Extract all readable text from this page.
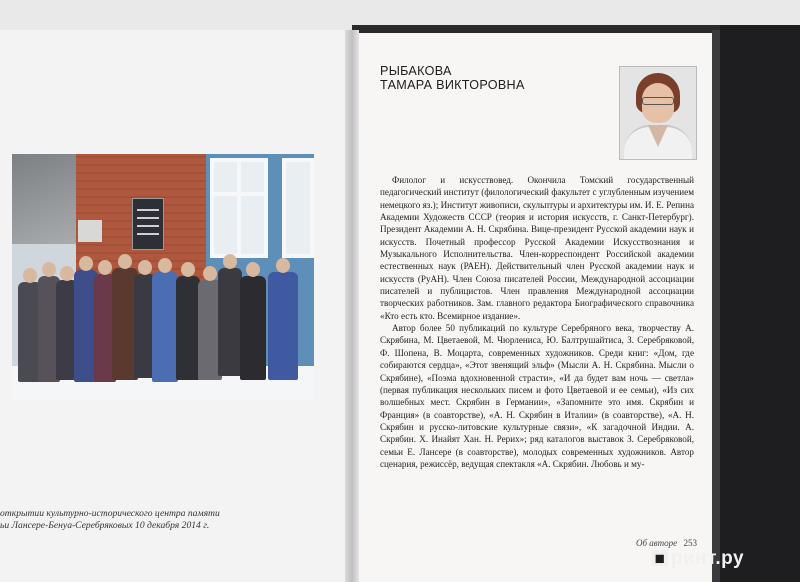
открытии культурно-исторического центра памяти
ьи Лансере-Бенуа-Серебряковых 10 декабря 2014 г.
РЫБАКОВА
ТАМАРА ВИКТОРОВНА

Филолог и искусствовед. Окончила Томский государственный педагогический институт (филологический факультет с углубленным изучением немецкого яз.); Институт живописи, скульптуры и архитектуры им. И. Е. Репина Академии Художеств СССР (теория и история искусств, г. Санкт-Петербург). Президент Академии А. Н. Скрябина. Вице-президент Русской академии наук и искусств. Почетный профессор Русской Академии Искусствознания и Музыкального Исполнительства. Член-корреспондент Российской академии естественных наук (РАЕН). Действительный член Русской академии наук и искусств (РуАН). Член Союза писателей России, Международной ассоциации писателей и публицистов. Член правления Международной ассоциации творческих работников. Зам. главного редактора Биографического справочника «Кто есть кто. Всемирное издание».

Автор более 50 публикаций по культуре Серебряного века, творчеству А. Скрябина, М. Цветаевой, М. Чюрлениса, Ю. Балтрушайтиса, З. Серебряковой, Ф. Шопена, В. Моцарта, современных художников. Среди книг: «Дом, где собираются сердца», «Этот звенящий эльф» (Мысли А. Н. Скрябина. Мысли о Скрябине), «Поэма вдохновенной страсти», «И да будет вам ночь — светла» (первая публикация нескольких писем и фото Цветаевой и ее семьи), «Из сих волшебных мест. Скрябин в Германии», «Запомните это имя. Скрябин и Франция» (в соавторстве), «А. Н. Скрябин в Италии» (в соавторстве), «А. Н. Скрябин и русско-литовские культурные связи», «К загадочной Индии. А. Скрябин. Х. Инайят Хан. Н. Рерих»; ряд каталогов выставок З. Серебряковой, семьи Е. Лансере (в соавторстве), молодых современных художников. Автор сценария, режиссёр, ведущая спектакля «А. Скрябин. Любовь и му-

Об авторе 253
◼ ринт.ру
